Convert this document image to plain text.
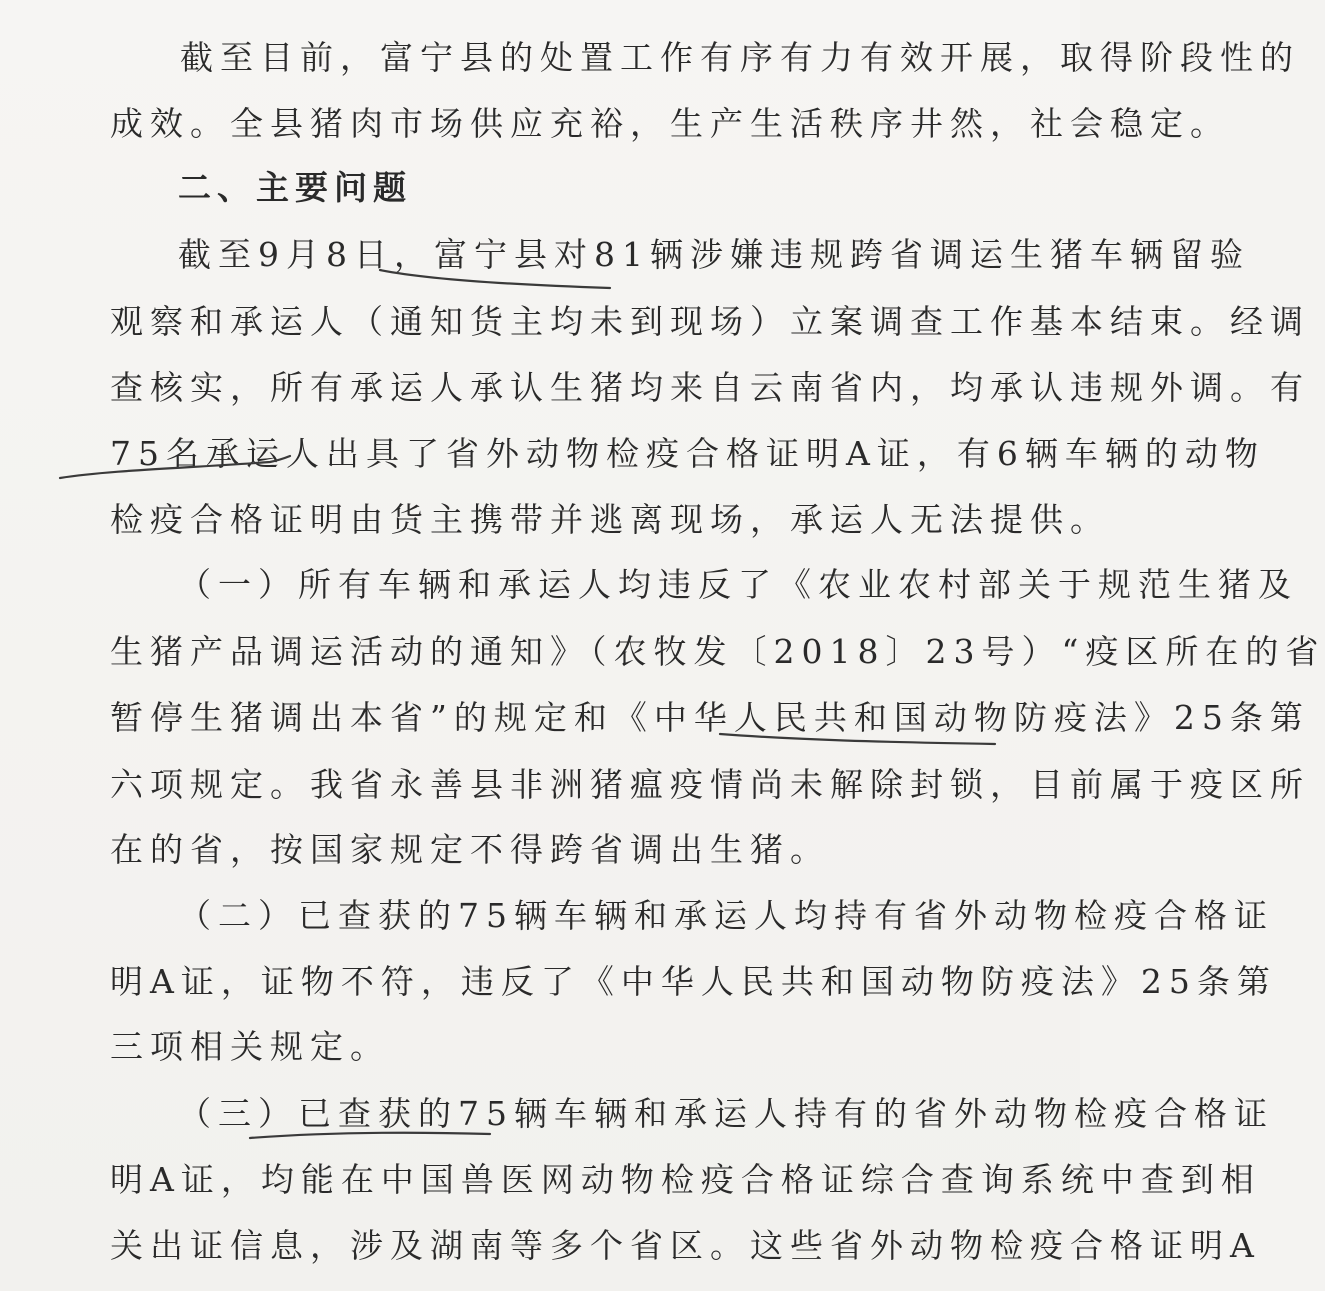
截至目前，富宁县的处置工作有序有力有效开展，取得阶段性的
成效。全县猪肉市场供应充裕，生产生活秩序井然，社会稳定。
二、主要问题
截至9月8日，富宁县对81辆涉嫌违规跨省调运生猪车辆留验
观察和承运人（通知货主均未到现场）立案调查工作基本结束。经调
查核实，所有承运人承认生猪均来自云南省内，均承认违规外调。有
75名承运人出具了省外动物检疫合格证明A证，有6辆车辆的动物
检疫合格证明由货主携带并逃离现场，承运人无法提供。
（一）所有车辆和承运人均违反了《农业农村部关于规范生猪及
生猪产品调运活动的通知》（农牧发〔2018〕23号）“疫区所在的省
暂停生猪调出本省”的规定和《中华人民共和国动物防疫法》25条第
六项规定。我省永善县非洲猪瘟疫情尚未解除封锁，目前属于疫区所
在的省，按国家规定不得跨省调出生猪。
（二）已查获的75辆车辆和承运人均持有省外动物检疫合格证
明A证，证物不符，违反了《中华人民共和国动物防疫法》25条第
三项相关规定。
（三）已查获的75辆车辆和承运人持有的省外动物检疫合格证
明A证，均能在中国兽医网动物检疫合格证综合查询系统中查到相
关出证信息，涉及湖南等多个省区。这些省外动物检疫合格证明A
